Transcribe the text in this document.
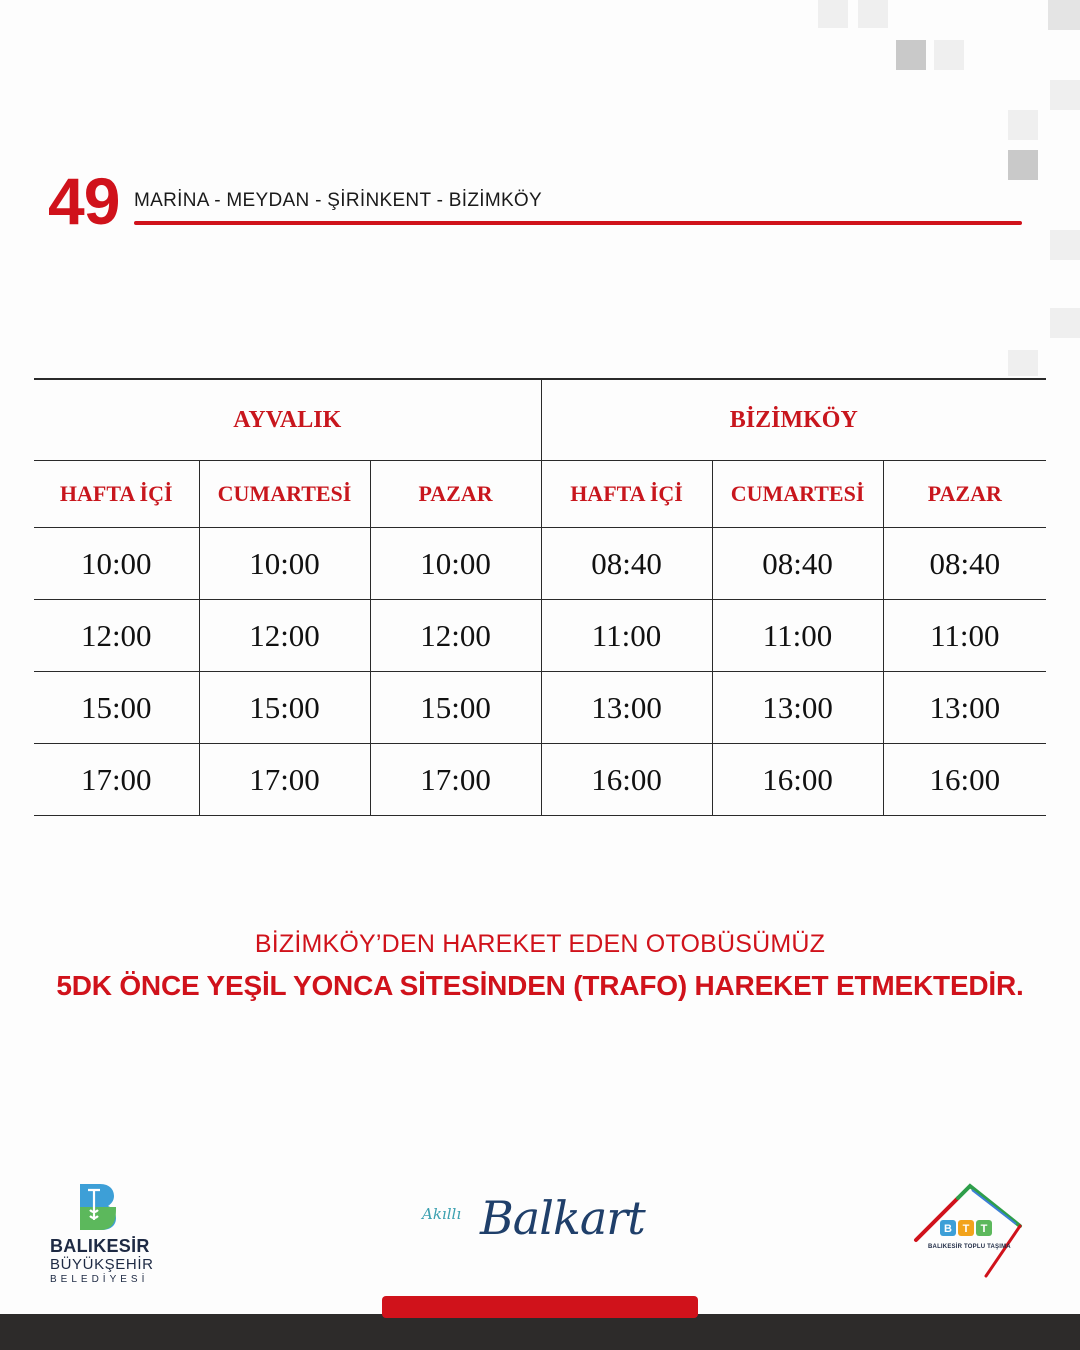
49 MARİNA - MEYDAN - ŞİRİNKENT - BİZİMKÖY
AYVALIK			BİZİMKÖY		
HAFTA İÇİ	CUMARTESİ	PAZAR	HAFTA İÇİ	CUMARTESİ	PAZAR
10:00	10:00	10:00	08:40	08:40	08:40
12:00	12:00	12:00	11:00	11:00	11:00
15:00	15:00	15:00	13:00	13:00	13:00
17:00	17:00	17:00	16:00	16:00	16:00
BİZİMKÖY’DEN HAREKET EDEN OTOBÜSÜMÜZ
5DK ÖNCE YEŞİL YONCA SİTESİNDEN (TRAFO) HAREKET ETMEKTEDİR.
BALIKESİR
BÜYÜKŞEHİR
BELEDİYESİ
Akıllı Balkart	B T T
BALIKESİR TOPLU TAŞIMA
